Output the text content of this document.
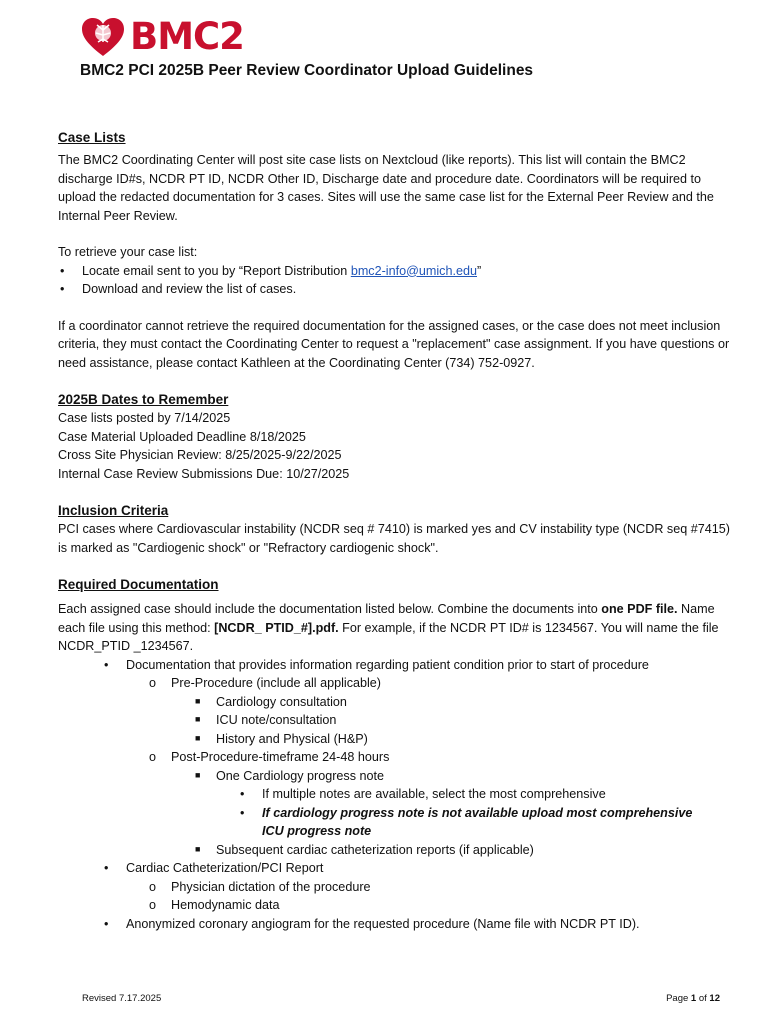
BMC2
BMC2 PCI 2025B Peer Review Coordinator Upload Guidelines
Case Lists

The BMC2 Coordinating Center will post site case lists on Nextcloud (like reports). This list will contain the BMC2 discharge ID#s, NCDR PT ID, NCDR Other ID, Discharge date and procedure date. Coordinators will be required to upload the redacted documentation for 3 cases. Sites will use the same case list for the External Peer Review and the Internal Peer Review.

To retrieve your case list:

• Locate email sent to you by “Report Distribution bmc2-info@umich.edu”
• Download and review the list of cases.

If a coordinator cannot retrieve the required documentation for the assigned cases, or the case does not meet inclusion criteria, they must contact the Coordinating Center to request a "replacement" case assignment. If you have questions or need assistance, please contact Kathleen at the Coordinating Center (734) 752-0927.

2025B Dates to Remember

Case lists posted by 7/14/2025

Case Material Uploaded Deadline 8/18/2025

Cross Site Physician Review: 8/25/2025-9/22/2025

Internal Case Review Submissions Due: 10/27/2025

Inclusion Criteria

PCI cases where Cardiovascular instability (NCDR seq # 7410) is marked yes and CV instability type (NCDR seq #7415) is marked as "Cardiogenic shock" or "Refractory cardiogenic shock".

Required Documentation

Each assigned case should include the documentation listed below. Combine the documents into one PDF file. Name each file using this method: [NCDR_ PTID_#].pdf. For example, if the NCDR PT ID# is 1234567. You will name the file NCDR_PTID _1234567.

• Documentation that provides information regarding patient condition prior to start of procedure
o Pre-Procedure (include all applicable)
■ Cardiology consultation
■ ICU note/consultation
■ History and Physical (H&P)
o Post-Procedure-timeframe 24-48 hours
■ One Cardiology progress note
• If multiple notes are available, select the most comprehensive
• If cardiology progress note is not available upload most comprehensive ICU progress note
■ Subsequent cardiac catheterization reports (if applicable)
• Cardiac Catheterization/PCI Report
o Physician dictation of the procedure
o Hemodynamic data
• Anonymized coronary angiogram for the requested procedure (Name file with NCDR PT ID).
Revised 7.17.2025	Page 1 of 12
